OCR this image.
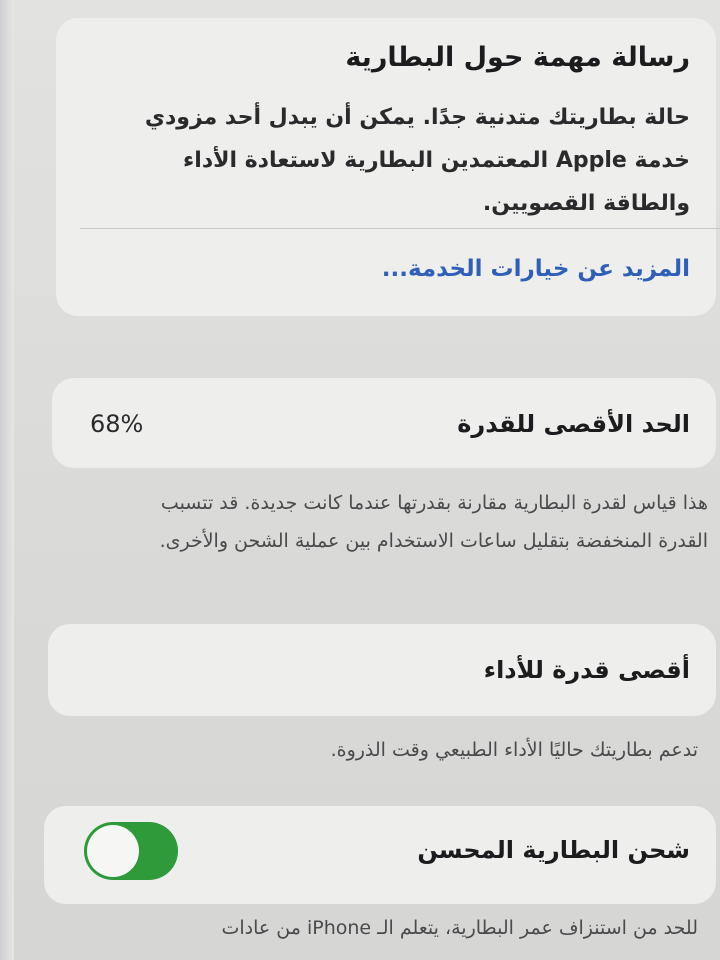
رسالة مهمة حول البطارية
حالة بطاريتك متدنية جدًا. يمكن أن يبدل أحد مزودي خدمة Apple المعتمدين البطارية لاستعادة الأداء والطاقة القصويين.
المزيد عن خيارات الخدمة...
الحد الأقصى للقدرة
68%
هذا قياس لقدرة البطارية مقارنة بقدرتها عندما كانت جديدة. قد تتسبب القدرة المنخفضة بتقليل ساعات الاستخدام بين عملية الشحن والأخرى.
أقصى قدرة للأداء
تدعم بطاريتك حاليًا الأداء الطبيعي وقت الذروة.
شحن البطارية المحسن
للحد من استنزاف عمر البطارية، يتعلم الـ iPhone من عادات
